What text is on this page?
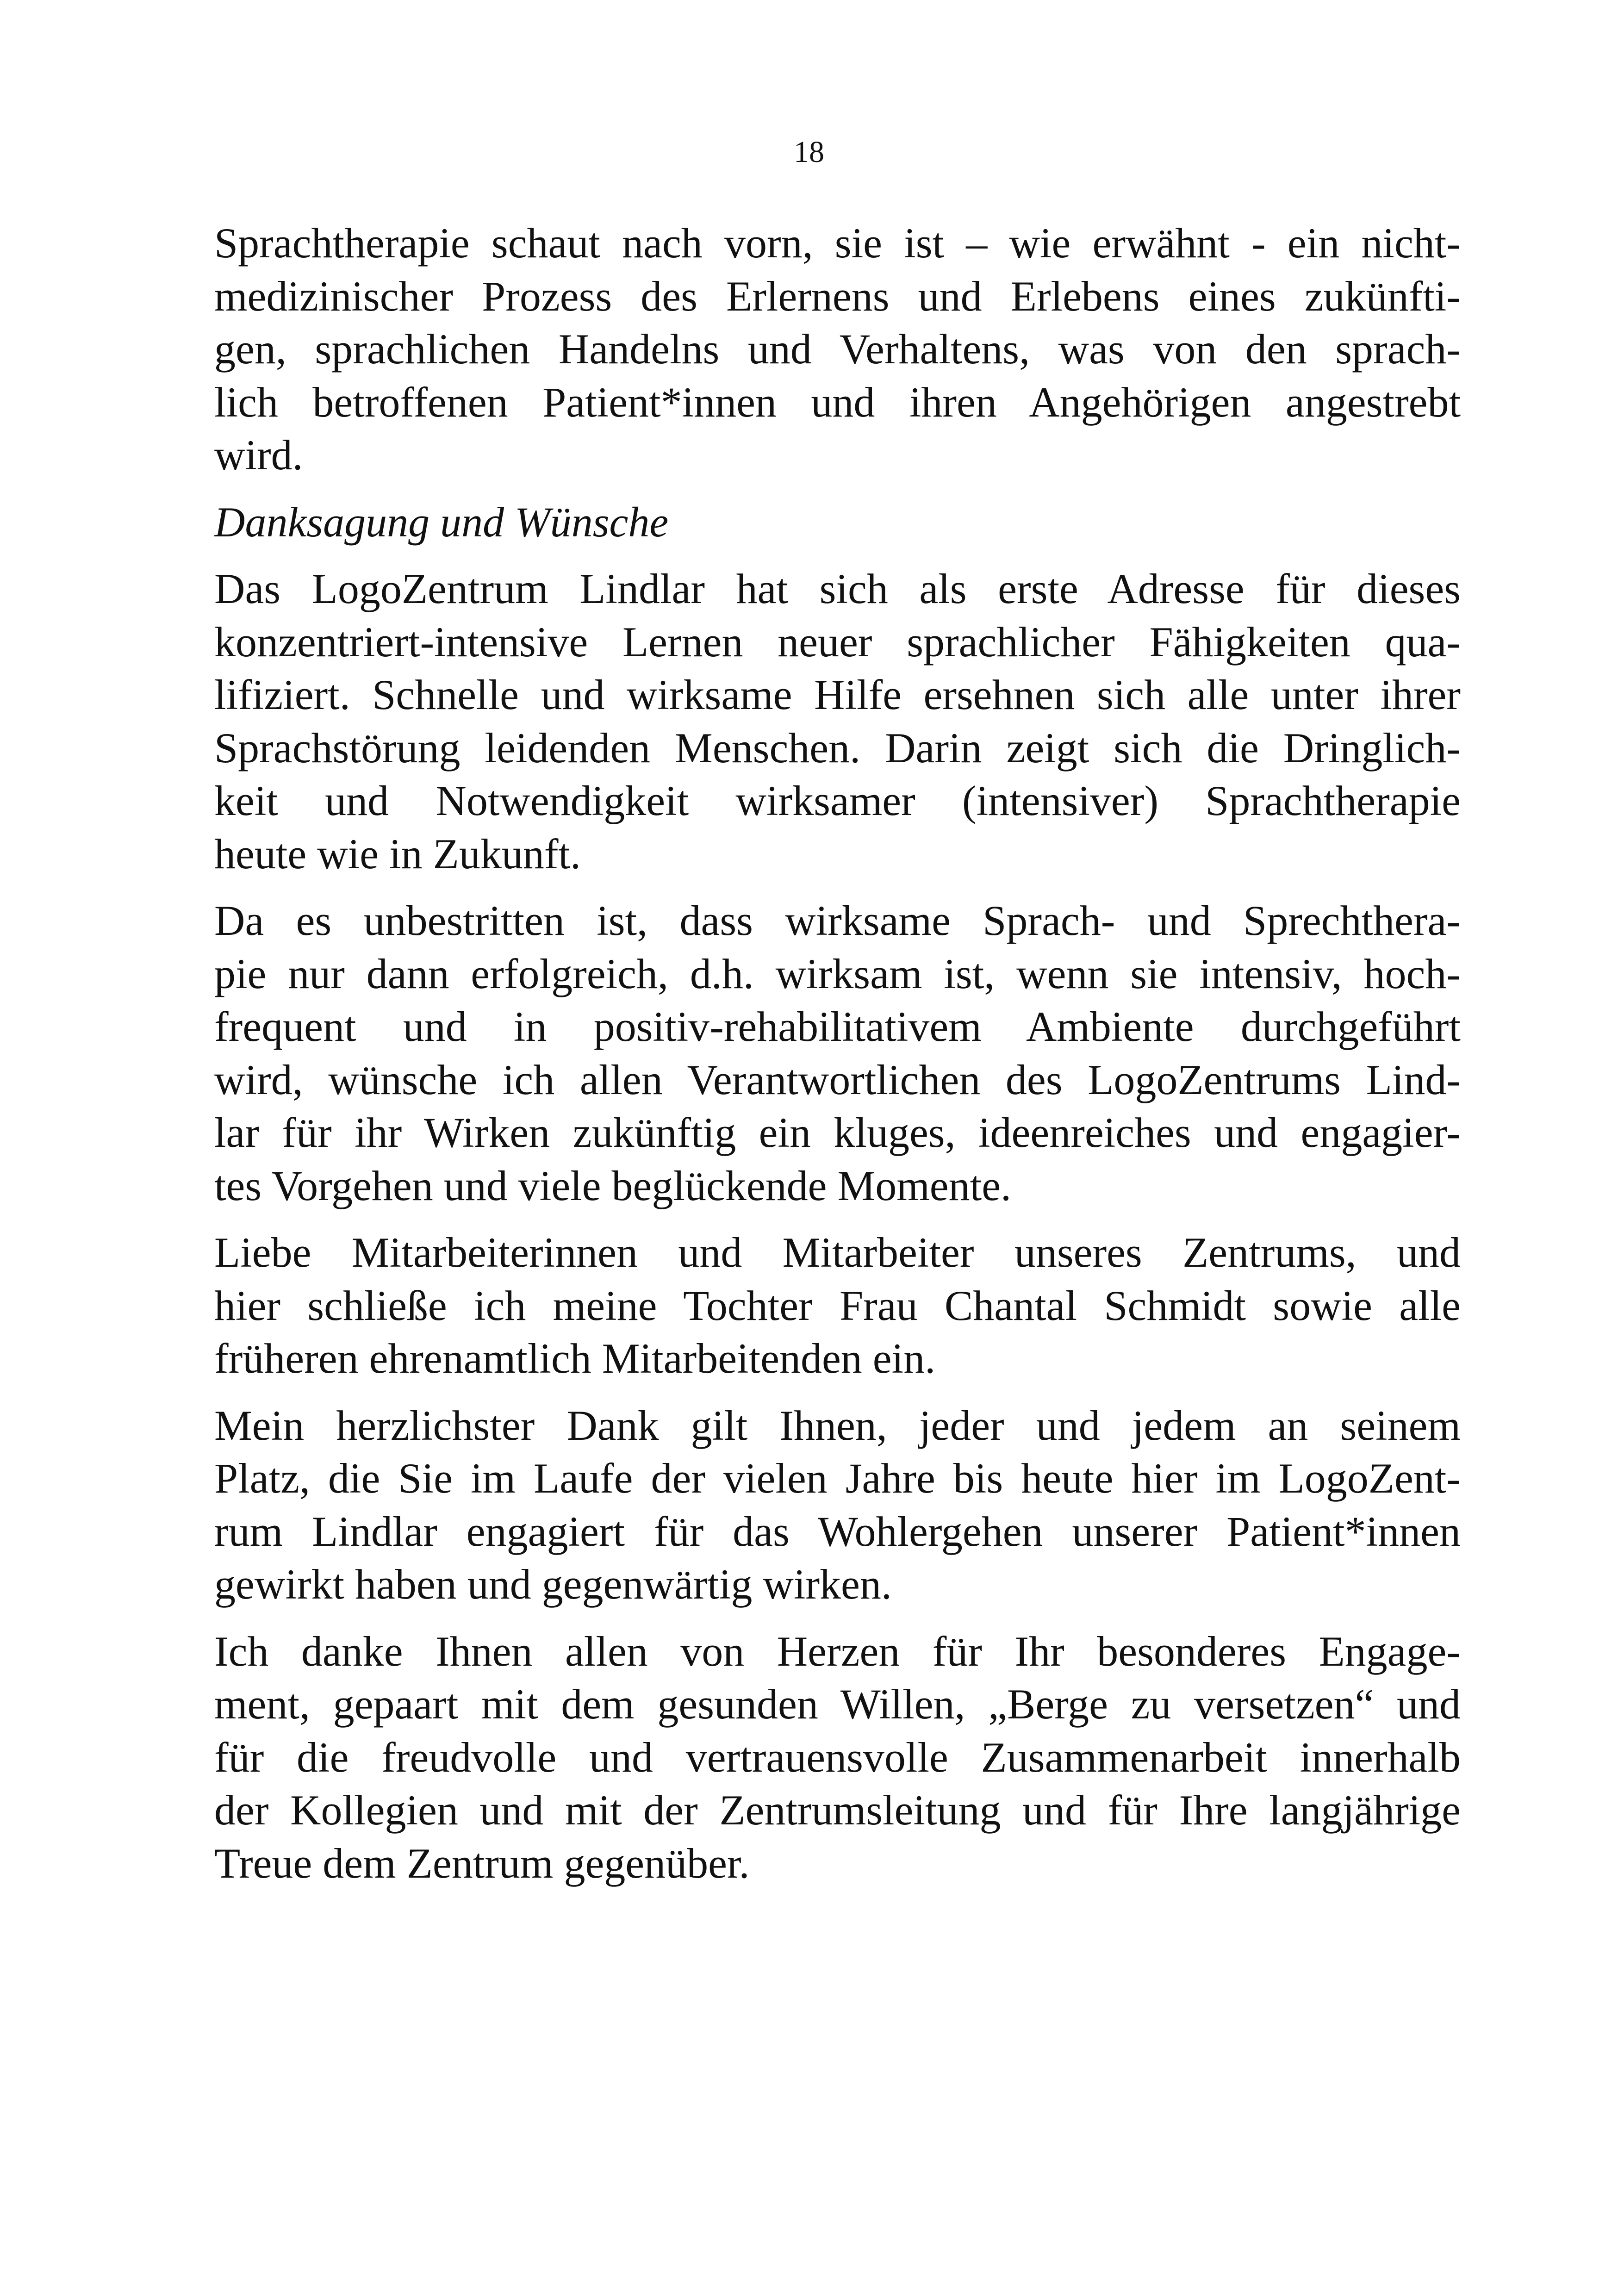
18

Sprachtherapie schaut nach vorn, sie ist – wie erwähnt - ein nicht-
medizinischer Prozess des Erlernens und Erlebens eines zukünfti-
gen, sprachlichen Handelns und Verhaltens, was von den sprach-
lich betroffenen Patient*innen und ihren Angehörigen angestrebt
wird.

Danksagung und Wünsche

Das LogoZentrum Lindlar hat sich als erste Adresse für dieses
konzentriert-intensive Lernen neuer sprachlicher Fähigkeiten qua-
lifiziert. Schnelle und wirksame Hilfe ersehnen sich alle unter ihrer
Sprachstörung leidenden Menschen. Darin zeigt sich die Dringlich-
keit und Notwendigkeit wirksamer (intensiver) Sprachtherapie
heute wie in Zukunft.

Da es unbestritten ist, dass wirksame Sprach- und Sprechthera-
pie nur dann erfolgreich, d.h. wirksam ist, wenn sie intensiv, hoch-
frequent und in positiv-rehabilitativem Ambiente durchgeführt
wird, wünsche ich allen Verantwortlichen des LogoZentrums Lind-
lar für ihr Wirken zukünftig ein kluges, ideenreiches und engagier-
tes Vorgehen und viele beglückende Momente.

Liebe Mitarbeiterinnen und Mitarbeiter unseres Zentrums, und
hier schließe ich meine Tochter Frau Chantal Schmidt sowie alle
früheren ehrenamtlich Mitarbeitenden ein.

Mein herzlichster Dank gilt Ihnen, jeder und jedem an seinem
Platz, die Sie im Laufe der vielen Jahre bis heute hier im LogoZent-
rum Lindlar engagiert für das Wohlergehen unserer Patient*innen
gewirkt haben und gegenwärtig wirken.

Ich danke Ihnen allen von Herzen für Ihr besonderes Engage-
ment, gepaart mit dem gesunden Willen, „Berge zu versetzen“ und
für die freudvolle und vertrauensvolle Zusammenarbeit innerhalb
der Kollegien und mit der Zentrumsleitung und für Ihre langjährige
Treue dem Zentrum gegenüber.
